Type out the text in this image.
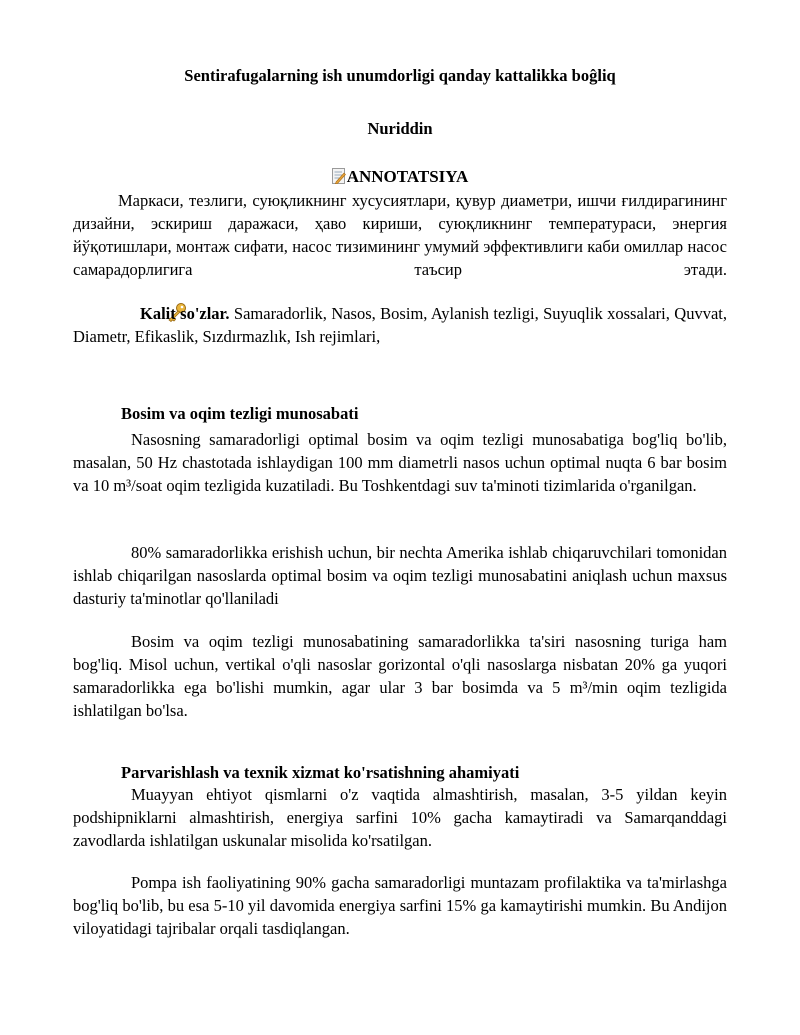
Sentirafugalarning ish unumdorligi qanday kattalikka boĝliq
Nuriddin
ANNOTATSIYA
Маркаси, тезлиги, суюқликнинг хусусиятлари, қувур диаметри, ишчи ғилдирагининг дизайни, эскириш даражаси, ҳаво кириши, суюқликнинг температураси, энергия йўқотишлари, монтаж сифати, насос тизимининг умумий эффективлиги каби омиллар насос самарадорлигига таъсир этади.
Kalit so'zlar. Samaradorlik, Nasos, Bosim, Aylanish tezligi, Suyuqlik xossalari, Quvvat, Diametr, Efikaslik, Sızdırmazlık, Ish rejimlari,
Bosim va oqim tezligi munosabati
Nasosning samaradorligi optimal bosim va oqim tezligi munosabatiga bog'liq bo'lib, masalan, 50 Hz chastotada ishlaydigan 100 mm diametrli nasos uchun optimal nuqta 6 bar bosim va 10 m³/soat oqim tezligida kuzatiladi. Bu Toshkentdagi suv ta'minoti tizimlarida o'rganilgan.
80% samaradorlikka erishish uchun, bir nechta Amerika ishlab chiqaruvchilari tomonidan ishlab chiqarilgan nasoslarda optimal bosim va oqim tezligi munosabatini aniqlash uchun maxsus dasturiy ta'minotlar qo'llaniladi
Bosim va oqim tezligi munosabatining samaradorlikka ta'siri nasosning turiga ham bog'liq. Misol uchun, vertikal o'qli nasoslar gorizontal o'qli nasoslarga nisbatan 20% ga yuqori samaradorlikka ega bo'lishi mumkin, agar ular 3 bar bosimda va 5 m³/min oqim tezligida ishlatilgan bo'lsa.
Parvarishlash va texnik xizmat ko'rsatishning ahamiyati
Muayyan ehtiyot qismlarni o'z vaqtida almashtirish, masalan, 3-5 yildan keyin podshipniklarni almashtirish, energiya sarfini 10% gacha kamaytiradi va Samarqanddagi zavodlarda ishlatilgan uskunalar misolida ko'rsatilgan.
Pompa ish faoliyatining 90% gacha samaradorligi muntazam profilaktika va ta'mirlashga bog'liq bo'lib, bu esa 5-10 yil davomida energiya sarfini 15% ga kamaytirishi mumkin. Bu Andijon viloyatidagi tajribalar orqali tasdiqlangan.
